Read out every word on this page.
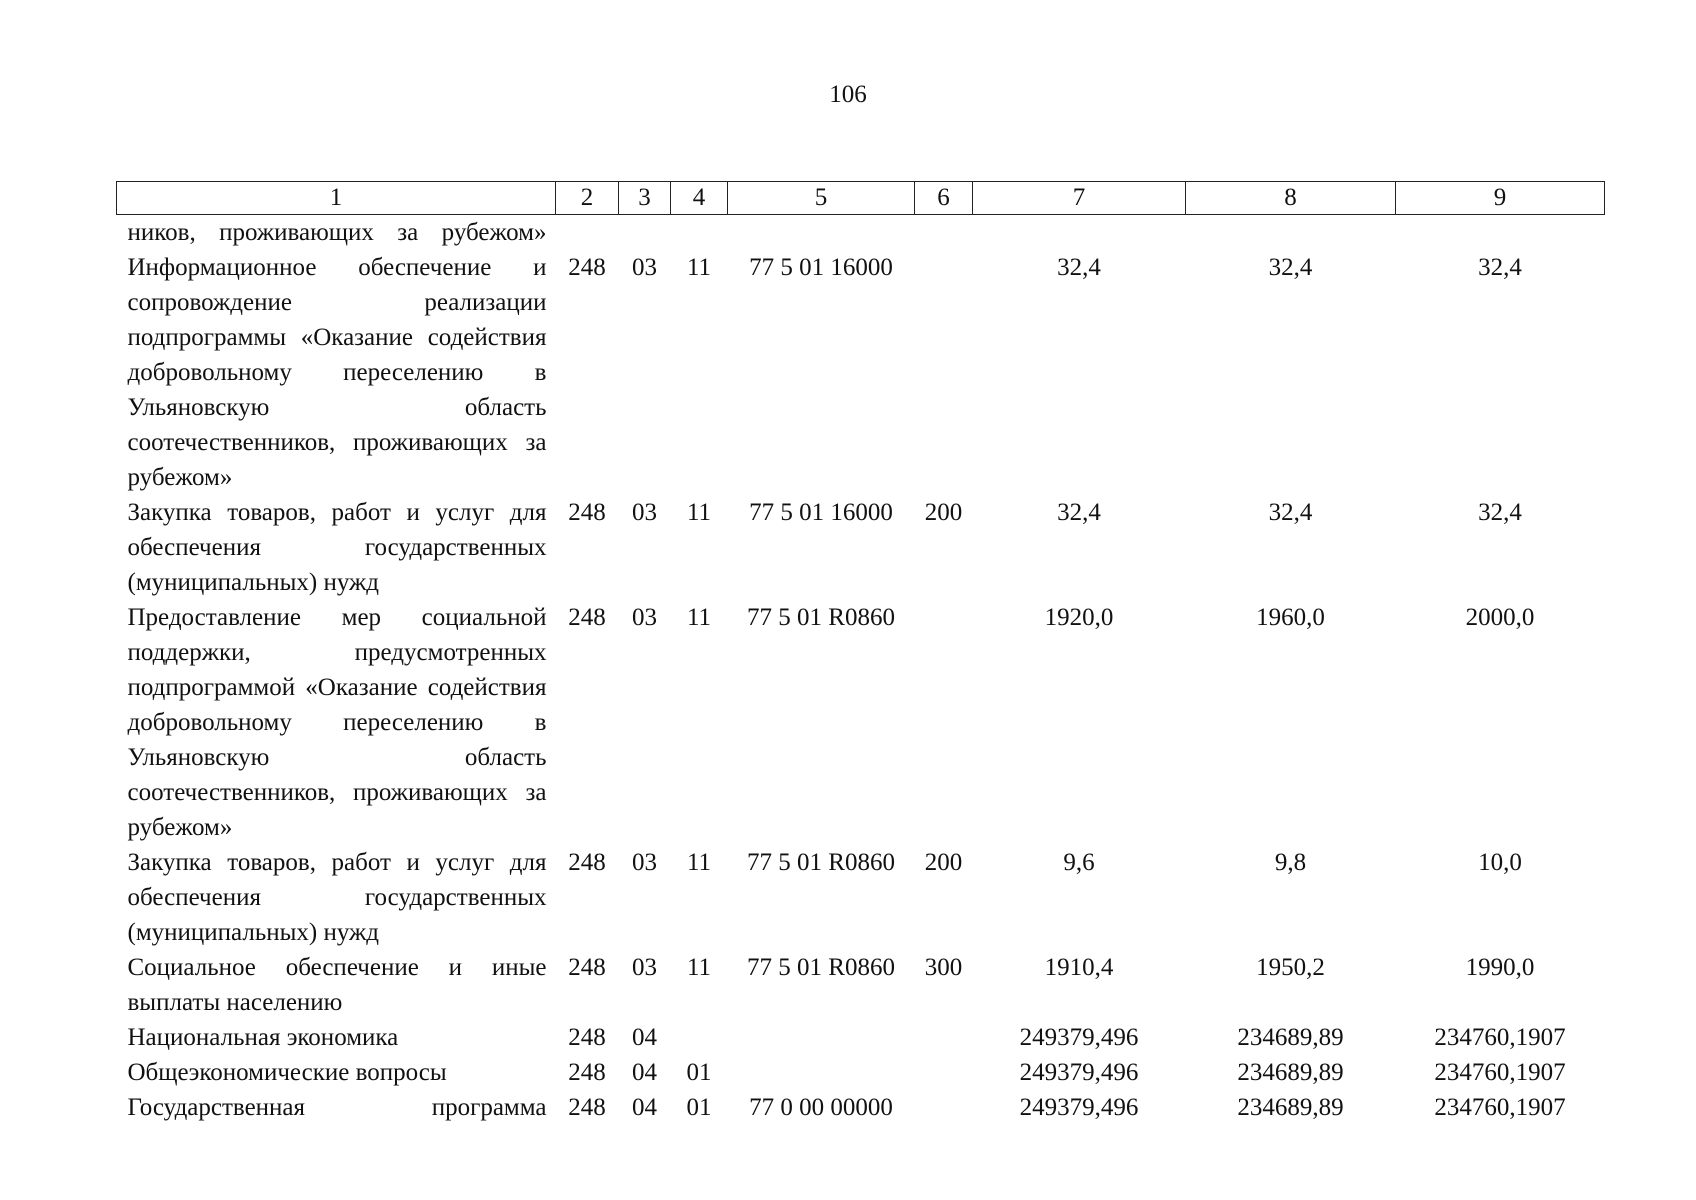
106
1	2	3	4	5	6	7	8	9
ников, проживающих за рубежом»								
Информационное обеспечение и сопровождение реализации подпрограммы «Оказание содействия добровольному переселению в Ульяновскую область соотечественников, проживающих за рубежом»	248	03	11	77 5 01 16000		32,4	32,4	32,4
Закупка товаров, работ и услуг для обеспечения государственных (муниципальных) нужд	248	03	11	77 5 01 16000	200	32,4	32,4	32,4
Предоставление мер социальной поддержки, предусмотренных подпрограммой «Оказание содействия добровольному переселению в Ульяновскую область соотечественников, проживающих за рубежом»	248	03	11	77 5 01 R0860		1920,0	1960,0	2000,0
Закупка товаров, работ и услуг для обеспечения государственных (муниципальных) нужд	248	03	11	77 5 01 R0860	200	9,6	9,8	10,0
Социальное обеспечение и иные выплаты населению	248	03	11	77 5 01 R0860	300	1910,4	1950,2	1990,0
Национальная экономика	248	04				249379,496	234689,89	234760,1907
Общеэкономические вопросы	248	04	01			249379,496	234689,89	234760,1907
Государственная программа	248	04	01	77 0 00 00000		249379,496	234689,89	234760,1907
